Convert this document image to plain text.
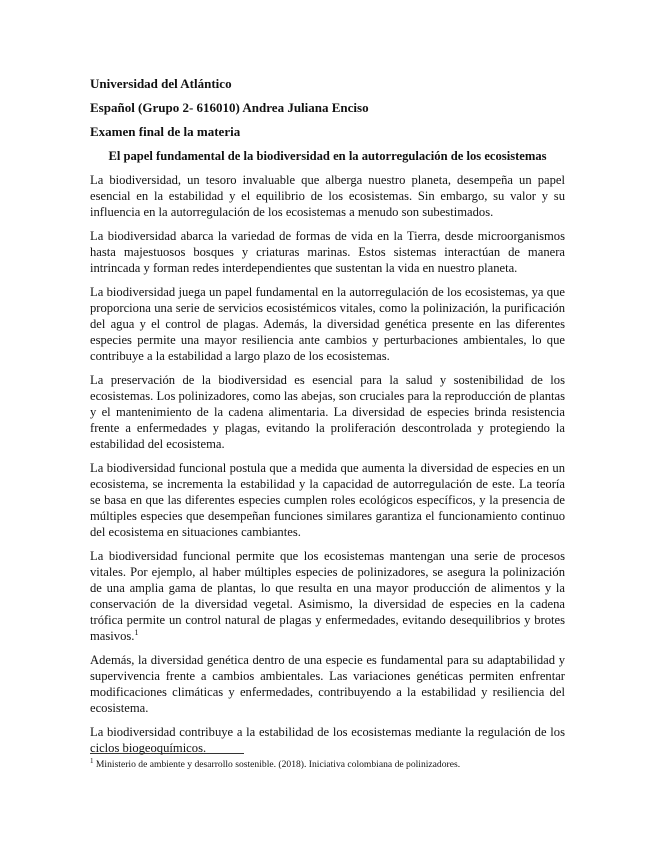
Universidad del Atlántico
Español (Grupo 2- 616010) Andrea Juliana Enciso
Examen final de la materia
El papel fundamental de la biodiversidad en la autorregulación de los ecosistemas

La biodiversidad, un tesoro invaluable que alberga nuestro planeta, desempeña un papel esencial en la estabilidad y el equilibrio de los ecosistemas. Sin embargo, su valor y su influencia en la autorregulación de los ecosistemas a menudo son subestimados.

La biodiversidad abarca la variedad de formas de vida en la Tierra, desde microorganismos hasta majestuosos bosques y criaturas marinas. Estos sistemas interactúan de manera intrincada y forman redes interdependientes que sustentan la vida en nuestro planeta.

La biodiversidad juega un papel fundamental en la autorregulación de los ecosistemas, ya que proporciona una serie de servicios ecosistémicos vitales, como la polinización, la purificación del agua y el control de plagas. Además, la diversidad genética presente en las diferentes especies permite una mayor resiliencia ante cambios y perturbaciones ambientales, lo que contribuye a la estabilidad a largo plazo de los ecosistemas.

La preservación de la biodiversidad es esencial para la salud y sostenibilidad de los ecosistemas. Los polinizadores, como las abejas, son cruciales para la reproducción de plantas y el mantenimiento de la cadena alimentaria. La diversidad de especies brinda resistencia frente a enfermedades y plagas, evitando la proliferación descontrolada y protegiendo la estabilidad del ecosistema.

La biodiversidad funcional postula que a medida que aumenta la diversidad de especies en un ecosistema, se incrementa la estabilidad y la capacidad de autorregulación de este. La teoría se basa en que las diferentes especies cumplen roles ecológicos específicos, y la presencia de múltiples especies que desempeñan funciones similares garantiza el funcionamiento continuo del ecosistema en situaciones cambiantes.

La biodiversidad funcional permite que los ecosistemas mantengan una serie de procesos vitales. Por ejemplo, al haber múltiples especies de polinizadores, se asegura la polinización de una amplia gama de plantas, lo que resulta en una mayor producción de alimentos y la conservación de la diversidad vegetal. Asimismo, la diversidad de especies en la cadena trófica permite un control natural de plagas y enfermedades, evitando desequilibrios y brotes masivos.$^1$

Además, la diversidad genética dentro de una especie es fundamental para su adaptabilidad y supervivencia frente a cambios ambientales. Las variaciones genéticas permiten enfrentar modificaciones climáticas y enfermedades, contribuyendo a la estabilidad y resiliencia del ecosistema.

La biodiversidad contribuye a la estabilidad de los ecosistemas mediante la regulación de los ciclos biogeoquímicos.

$^1$ Ministerio de ambiente y desarrollo sostenible. (2018). Iniciativa colombiana de polinizadores.
